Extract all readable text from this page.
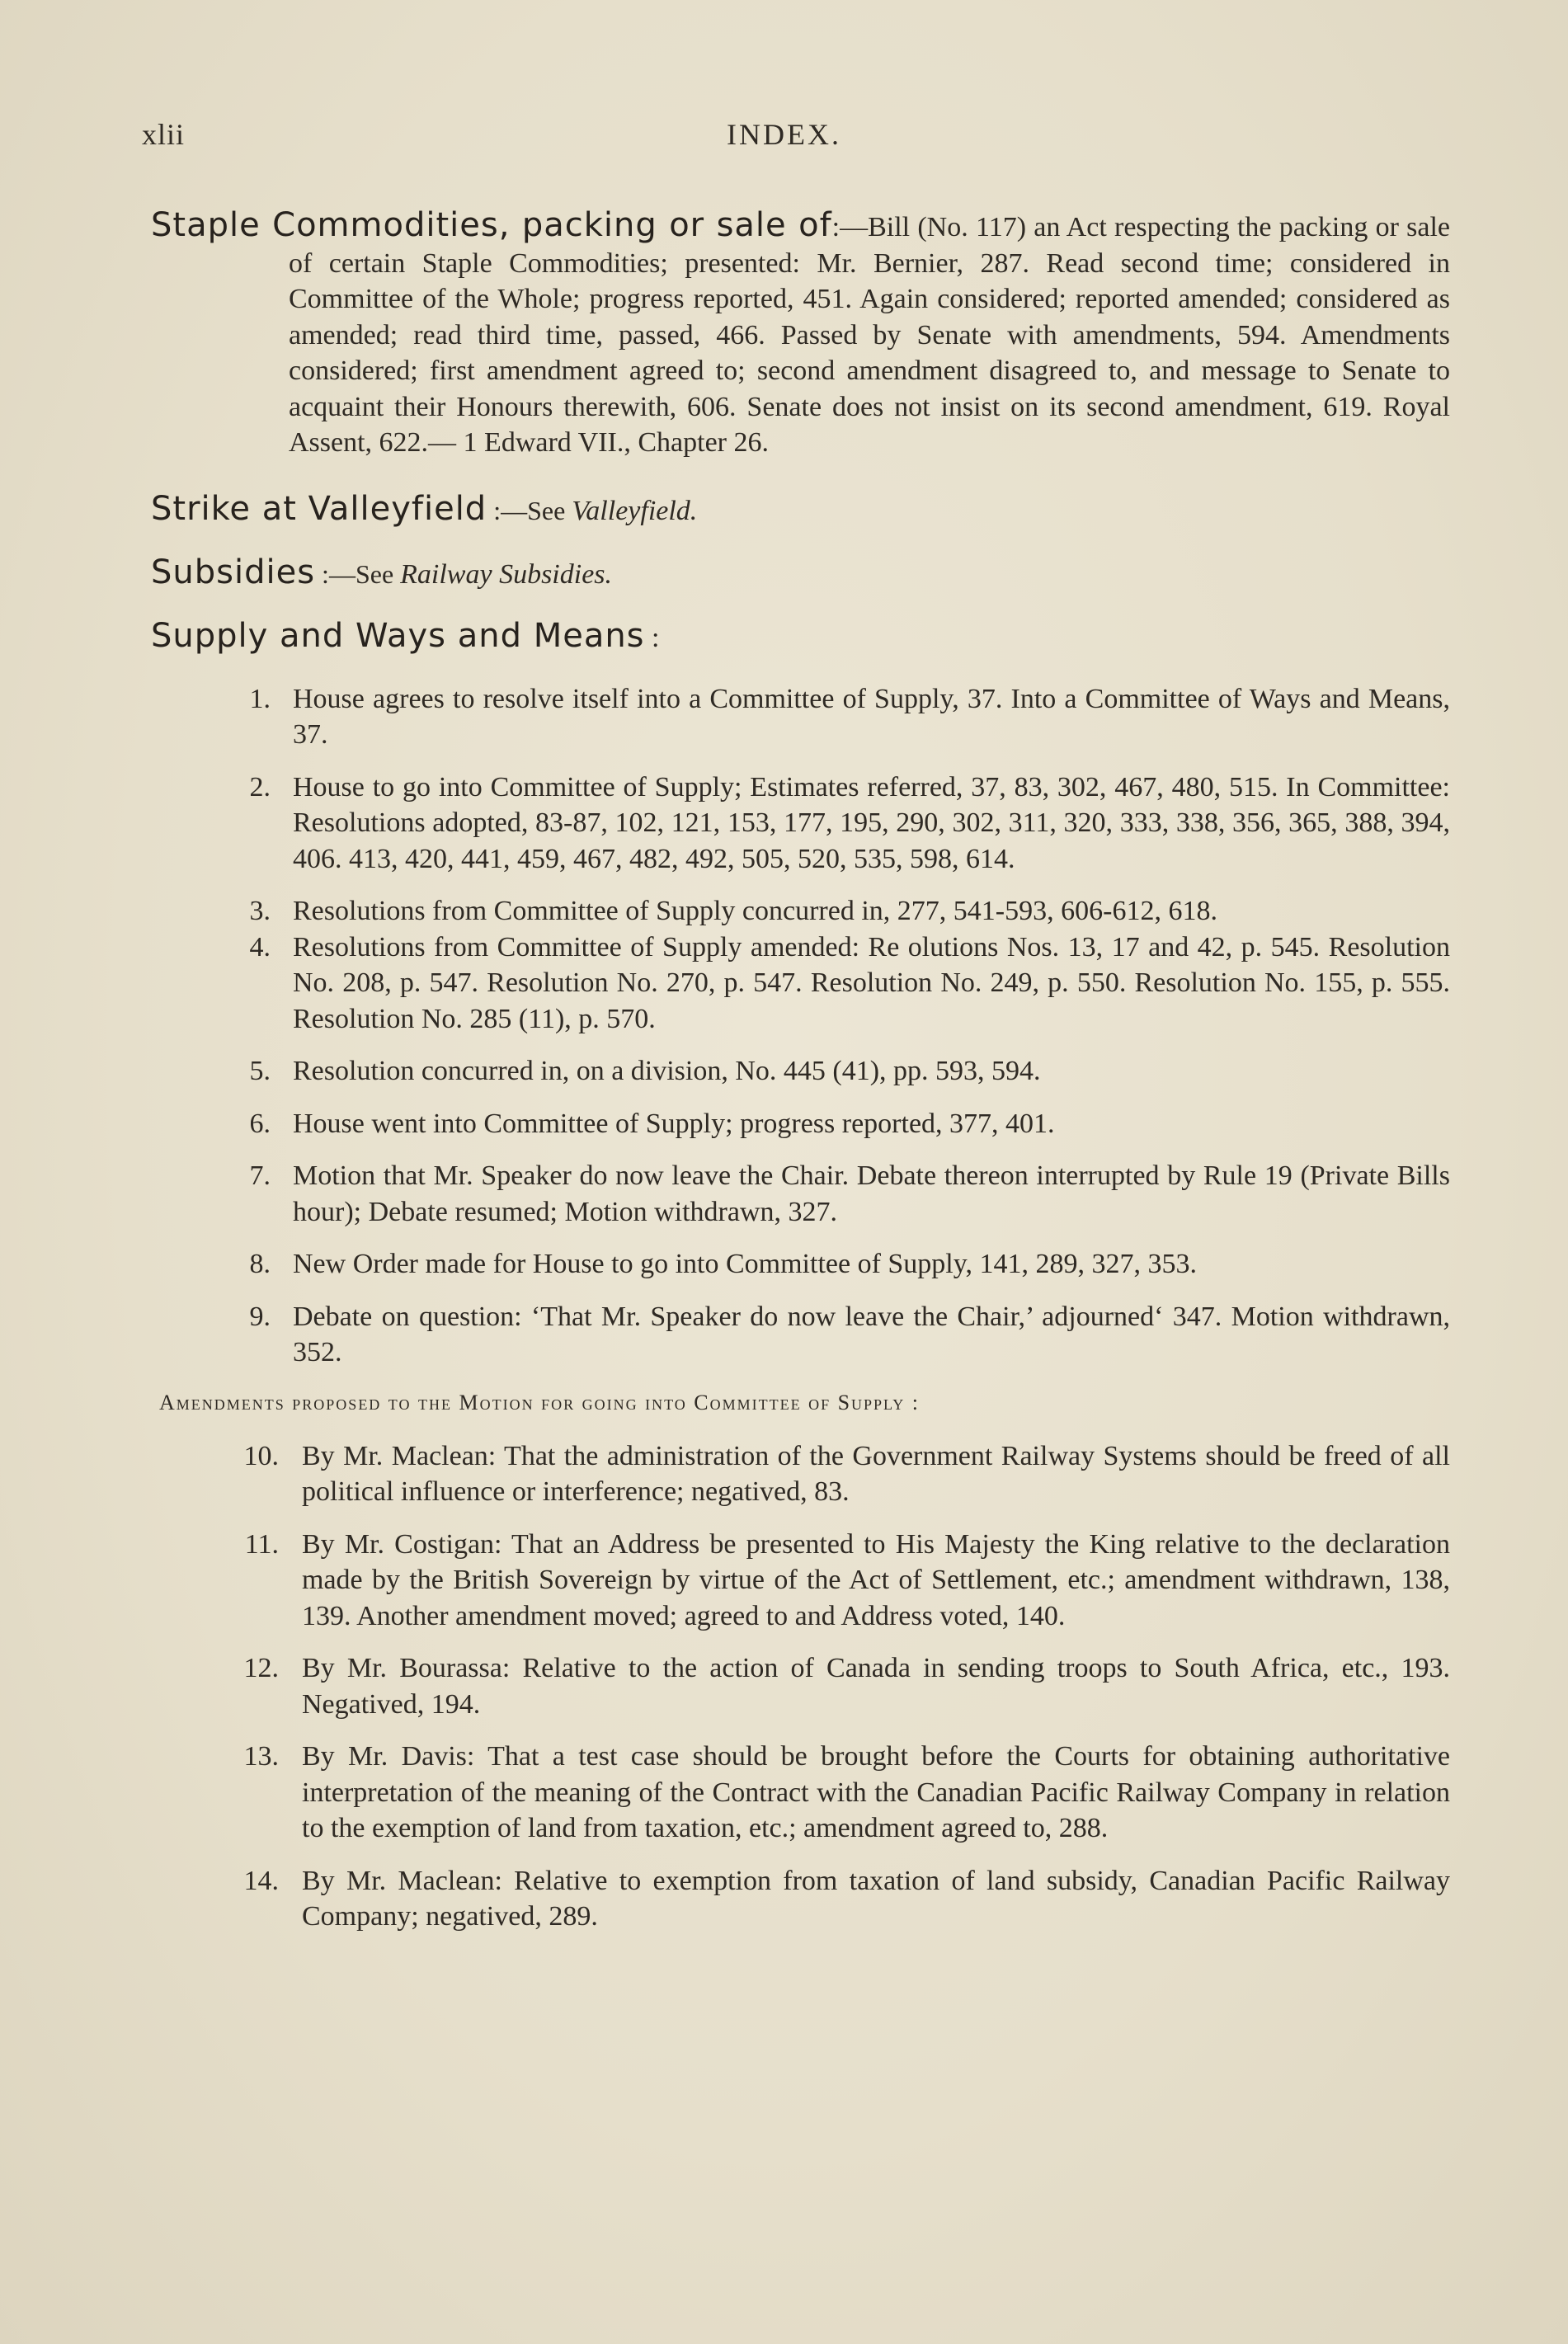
xlii	INDEX.
Staple Commodities, packing or sale of:—Bill (No. 117) an Act respecting the packing or sale of certain Staple Commodities; presented: Mr. Bernier, 287. Read second time; considered in Committee of the Whole; progress reported, 451. Again considered; reported amended; considered as amended; read third time, passed, 466. Passed by Senate with amendments, 594. Amendments considered; first amendment agreed to; second amendment disagreed to, and message to Senate to acquaint their Honours therewith, 606. Senate does not insist on its second amendment, 619. Royal Assent, 622.— 1 Edward VII., Chapter 26.
Strike at Valleyfield :—See Valleyfield.
Subsidies :—See Railway Subsidies.
Supply and Ways and Means :
1. House agrees to resolve itself into a Committee of Supply, 37. Into a Committee of Ways and Means, 37.
2. House to go into Committee of Supply; Estimates referred, 37, 83, 302, 467, 480, 515. In Committee: Resolutions adopted, 83-87, 102, 121, 153, 177, 195, 290, 302, 311, 320, 333, 338, 356, 365, 388, 394, 406. 413, 420, 441, 459, 467, 482, 492, 505, 520, 535, 598, 614.
3. Resolutions from Committee of Supply concurred in, 277, 541-593, 606-612, 618.
4. Resolutions from Committee of Supply amended: Re olutions Nos. 13, 17 and 42, p. 545. Resolution No. 208, p. 547. Resolution No. 270, p. 547. Resolution No. 249, p. 550. Resolution No. 155, p. 555. Resolution No. 285 (11), p. 570.
5. Resolution concurred in, on a division, No. 445 (41), pp. 593, 594.
6. House went into Committee of Supply; progress reported, 377, 401.
7. Motion that Mr. Speaker do now leave the Chair. Debate thereon interrupted by Rule 19 (Private Bills hour); Debate resumed; Motion withdrawn, 327.
8. New Order made for House to go into Committee of Supply, 141, 289, 327, 353.
9. Debate on question: ‘That Mr. Speaker do now leave the Chair,’ adjourned‘ 347. Motion withdrawn, 352.
Amendments proposed to the Motion for going into Committee of Supply :
10. By Mr. Maclean: That the administration of the Government Railway Systems should be freed of all political influence or interference; negatived, 83.
11. By Mr. Costigan: That an Address be presented to His Majesty the King relative to the declaration made by the British Sovereign by virtue of the Act of Settlement, etc.; amendment withdrawn, 138, 139. Another amendment moved; agreed to and Address voted, 140.
12. By Mr. Bourassa: Relative to the action of Canada in sending troops to South Africa, etc., 193. Negatived, 194.
13. By Mr. Davis: That a test case should be brought before the Courts for obtaining authoritative interpretation of the meaning of the Contract with the Canadian Pacific Railway Company in relation to the exemption of land from taxation, etc.; amendment agreed to, 288.
14. By Mr. Maclean: Relative to exemption from taxation of land subsidy, Canadian Pacific Railway Company; negatived, 289.
